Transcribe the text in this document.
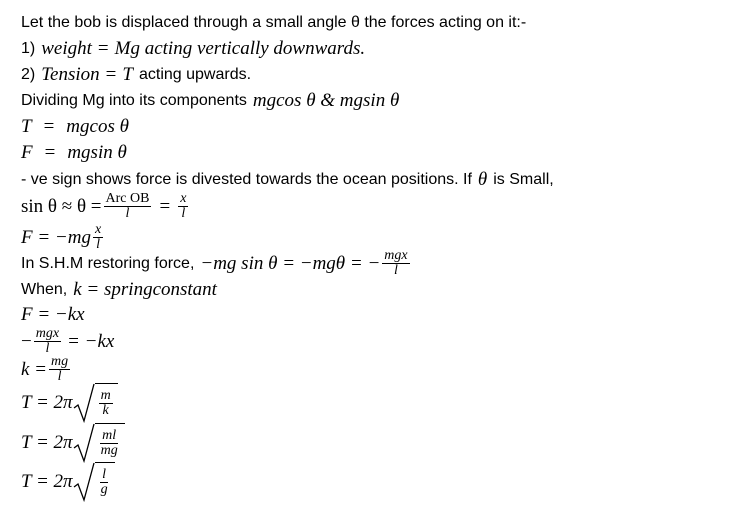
Let the bob is displaced through a small angle θ the forces acting on it:-
1) weight = Mg acting vertically downwards.
2) Tension = T acting upwards.
Dividing Mg into its components mgcos θ & mgsin θ
T = mgcos θ
F = mgsin θ
- ve sign shows force is divested towards the ocean positions. If θ is Small,
$\sin \theta \approx \theta = \frac{\text{Arc OB}}{l} = \frac{x}{l}$
$F = -mg \frac{x}{l}$
In S.H.M restoring force, −mg sin θ = −mgθ = − $\frac{\text{mgx}}{l}$
When, k = springconstant
F = −kx
− $\frac{\text{mgx}}{l} = -kx$
$k = \frac{mg}{l}$
$T = 2\pi \frac{m}{k}$
$T = 2\pi \frac{ml}{mg}$
$T = 2\pi \frac{l}{g}$
